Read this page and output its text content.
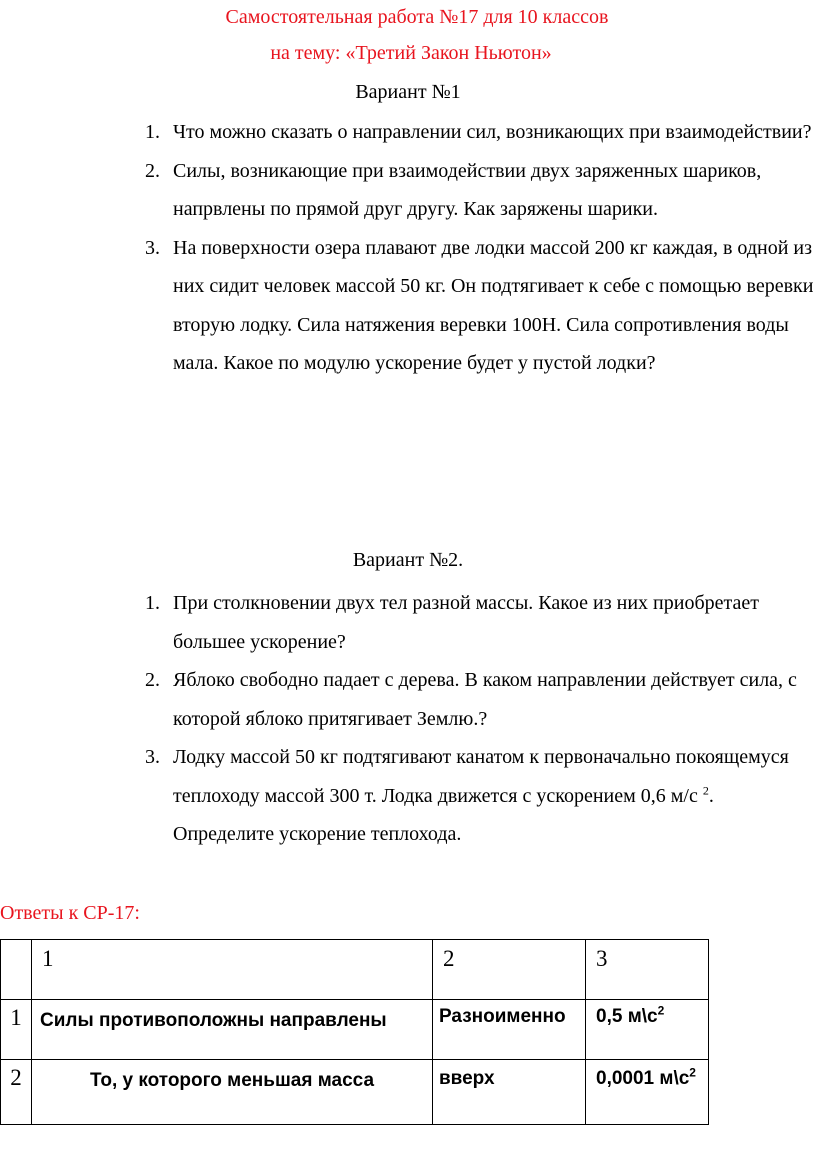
Самостоятельная работа №17 для 10 классов
на тему: «Третий Закон Ньютон»
Вариант №1
1. Что можно сказать о направлении сил, возникающих при взаимодействии?
2. Силы, возникающие при взаимодействии двух заряженных шариков, напрвлены по прямой друг другу. Как заряжены шарики.
3. На поверхности озера плавают две лодки массой 200 кг каждая, в одной из них сидит человек массой 50 кг. Он подтягивает к себе с помощью веревки вторую лодку. Сила натяжения веревки 100Н. Сила сопротивления воды мала. Какое по модулю ускорение будет у пустой лодки?
Вариант №2.
1. При столкновении двух тел разной массы. Какое из них приобретает большее ускорение?
2. Яблоко свободно падает с дерева. В каком направлении действует сила, с которой яблоко притягивает Землю.?
3. Лодку массой 50 кг подтягивают канатом к первоначально покоящемуся теплоходу массой 300 т. Лодка движется с ускорением 0,6 м/с $^2$. Определите ускорение теплохода.
Ответы к СР-17:
	1	2	3
1	Силы противоположны направлены	Разноименно	0,5 $м\backslash с^2$
2	То, у которого меньшая масса	вверх	0,0001 $м\backslash с^2$
